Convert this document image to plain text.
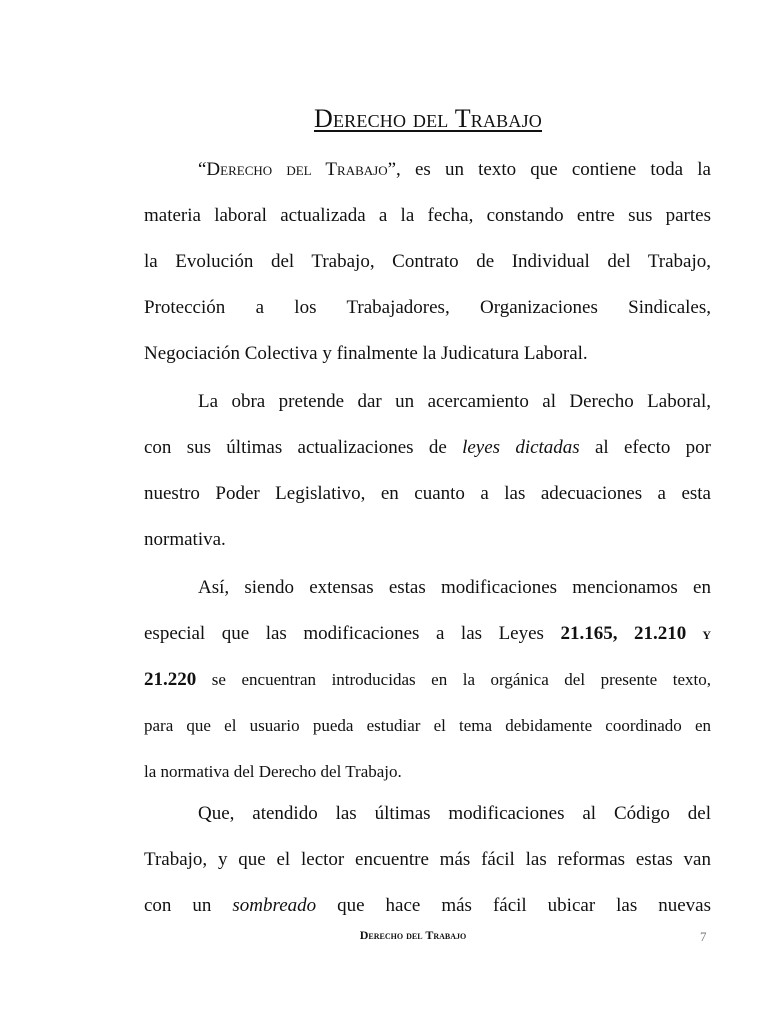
Derecho del Trabajo
“Derecho del Trabajo”, es un texto que contiene toda la
materia laboral actualizada a la fecha, constando entre sus partes
la Evolución del Trabajo, Contrato de Individual del Trabajo,
Protección a los Trabajadores, Organizaciones Sindicales,
Negociación Colectiva y finalmente la Judicatura Laboral.
La obra pretende dar un acercamiento al Derecho Laboral,
con sus últimas actualizaciones de leyes dictadas al efecto por
nuestro Poder Legislativo, en cuanto a las adecuaciones a esta
normativa.
Así, siendo extensas estas modificaciones mencionamos en
especial que las modificaciones a las Leyes 21.165, 21.210 y
21.220 se encuentran introducidas en la orgánica del presente texto,
para que el usuario pueda estudiar el tema debidamente coordinado en
la normativa del Derecho del Trabajo.
Que, atendido las últimas modificaciones al Código del
Trabajo, y que el lector encuentre más fácil las reformas estas van
con un sombreado que hace más fácil ubicar las nuevas
Derecho del Trabajo	7
